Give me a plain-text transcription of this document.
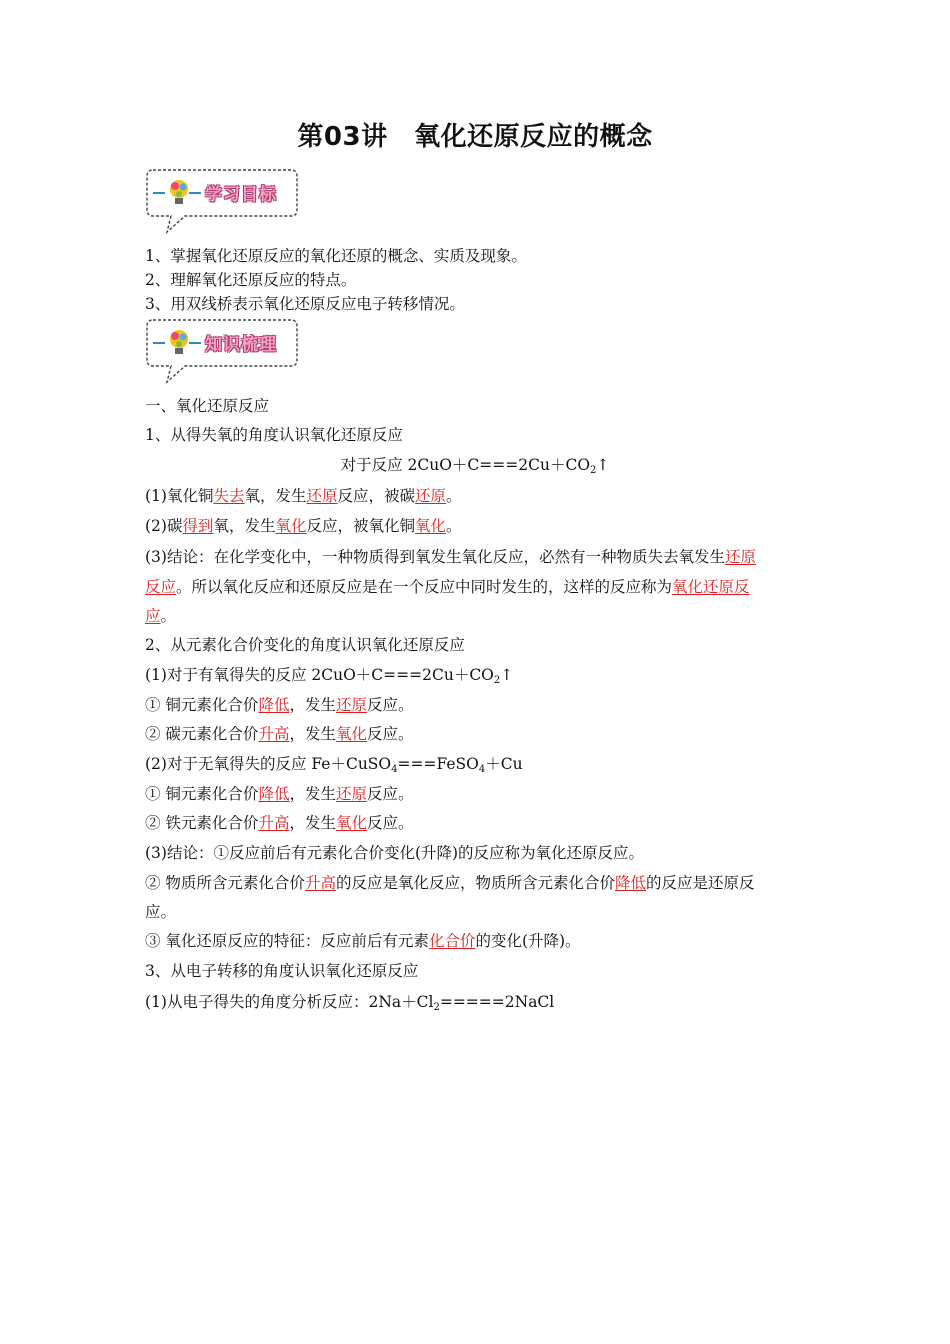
第03讲　氧化还原反应的概念
学习目标
1、掌握氧化还原反应的氧化还原的概念、实质及现象。
2、理解氧化还原反应的特点。
3、用双线桥表示氧化还原反应电子转移情况。
知识梳理
一、氧化还原反应
1、从得失氧的角度认识氧化还原反应
对于反应 $2CuO+C===2Cu+CO_2↑$
(1)氧化铜失去氧，发生还原反应，被碳还原。
(2)碳得到氧，发生氧化反应，被氧化铜氧化。
(3)结论：在化学变化中，一种物质得到氧发生氧化反应，必然有一种物质失去氧发生还原
反应。所以氧化反应和还原反应是在一个反应中同时发生的，这样的反应称为氧化还原反
应。
2、从元素化合价变化的角度认识氧化还原反应
(1)对于有氧得失的反应 $2CuO+C===2Cu+CO_2↑$
① 铜元素化合价降低，发生还原反应。
② 碳元素化合价升高，发生氧化反应。
(2)对于无氧得失的反应 Fe＋CuSO$_4$===FeSO$_4$＋Cu
① 铜元素化合价降低，发生还原反应。
② 铁元素化合价升高，发生氧化反应。
(3)结论：①反应前后有元素化合价变化(升降)的反应称为氧化还原反应。
② 物质所含元素化合价升高的反应是氧化反应，物质所含元素化合价降低的反应是还原反
应。
③ 氧化还原反应的特征：反应前后有元素化合价的变化(升降)。
3、从电子转移的角度认识氧化还原反应
(1)从电子得失的角度分析反应：$2Na+Cl_2=====2NaCl$
